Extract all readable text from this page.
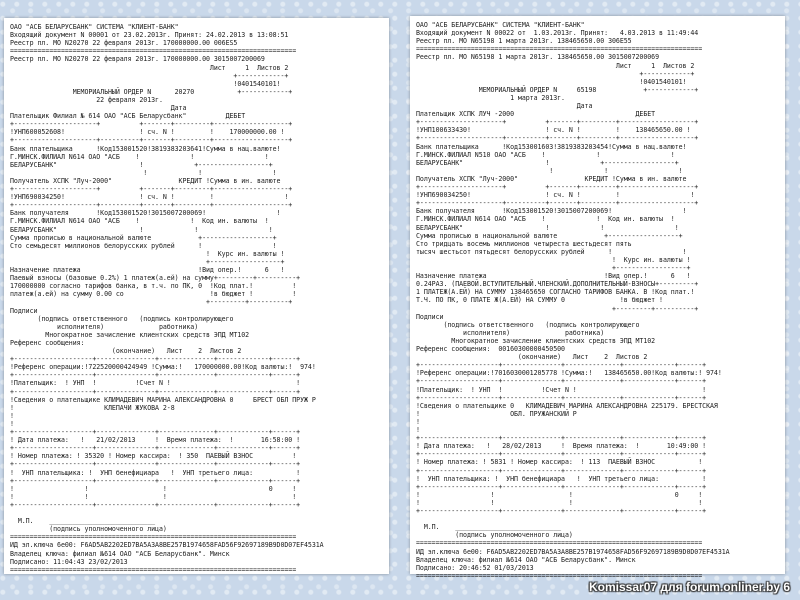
ОАО "АСБ БЕЛАРУСБАНК" СИСТЕМА "КЛИЕНТ-БАНК"
Входящий документ N 00001 от 23.02.2013г. Принят: 24.02.2013 в 13:08:51
Реестр пл. МО N20270 22 февраля 2013г. 170000000.00 006ES5
=========================================================================
Реестр пл. МО N20270 22 февраля 2013г. 170000000.00 3015007200069
Лист     1  Листов 2
+------------+
!0401540101!
MЕМОРИАЛЬНЫЙ ОРДЕР N      20270           +------------+
22 февраля 2013г.
Дата
Плательщик Филиал № 614 ОАО "АСБ Беларусбанк"          ДЕБЕТ
+---------------------+          +-------+---------+-------------------+
!УНП600052608!                   ! сч. N !         !    170000000.00 !
+---------------------+----------+-------+---------+-------------------+
Банк плательщика      !Код153001520!3819383203641!Сумма в нац.валюте!
Г.МИНСК.ФИЛИАЛ N614 ОАО "АСБ    !             !                  !
БЕЛАРУСБАНК"                     !             +------------------+
!             !                  !
Получатель ХСПК "Луч-2000"                 КРЕДИТ !Сумма в ин. валюте
+---------------------+          +-------+---------+-------------------+
!УНП690034250!                   ! сч. N !         !                  !
+---------------------+----------+-------+---------+-------------------+
Банк получателя       !Код153001520!3015007200069!                  !
Г.МИНСК.ФИЛИАЛ N614 ОАО "АСБ    !             !  Код ин. валюты  !
БЕЛАРУСБАНК"                     !             !                  !
Сумма прописью в национальной валюте            +------------------+
Сто семьдесят миллионов белорусских рублей      !                  !
!  Курс ин. валюты !
+------------------+
Назначение платежа                              !Вид опер.!      6   !
Паевый взносы (базовые 0.2%) 1 платеж(а.ей) на сумму+---------+----------+
170000000 согласно тарифов банка, в т.ч. по ПК, 0  !Код плат.!          !
платеж(а.ей) на сумму 0.00 со                      !в бюджет !          !
+---------+----------+
Подписи
(подпись ответственного   (подпись контролирующего
исполнителя)              работника)
Многократное зачисление клиентских средств ЭПД МТ102
Референс сообщения:
(окончание)   Лист    2  Листов 2
+--------------------+---------------+--------------+-------------+------+
!Референс операции:!722520000424949 !Сумма:!   170000000.00!Код валюты:!  974!
+--------------------+---------------+--------------+-------------+------+
!Плательщик:  ! УНП  !          !Счет N !                                !
+--------------------+---------------+--------------+-------------+------+
!Сведения о плательщике КЛИМАДЕВИЧ МАРИНА АЛЕКСАНДРОВНА 0     БРЕСТ ОБЛ ПРУЖ Р
!                       КЛЕПАЧИ ЖУКОВА 2-8
!
!
+--------------------+---------------+--------------+-------------+------+
! Дата платежа:   !   21/02/2013     !  Время платежа:  !       16:58:00 !
+--------------------+---------------+--------------+-------------+------+
! Номер платежа: ! 35320 ! Номер кассира:  ! 350  ПАЕВЫЙ ВЗНОС          !
+--------------------+---------------+--------------+-------------+------+
!  УНП плательщика: !  УНП бенефициара   !  УНП третьего лица:           !
+--------------------+---------------+--------------+-------------+------+
!                  !                   !                          0     !
!                  !                   !                                !
+--------------------+---------------+--------------+-------------+------+
М.П.    ___________________________
(подпись уполномоченного лица)
=========================================================================
ИД эл.ключа 6е00: F6AD5AB2202ED7BA5A3A8BE257B1974658FAD56F92697189B9D0D07EF4531A
Владелец ключа: филиал №614 ОАО "АСБ Беларусбанк". Минск
Подписано: 11:04:43 23/02/2013
=========================================================================
ОАО "АСБ БЕЛАРУСБАНК" СИСТЕМА "КЛИЕНТ-БАНК"
Входящий документ N 00022 от  1.03.2013г. Принят:   4.03.2013 в 11:49:44
Реестр пл. МО N65198 1 марта 2013г. 138465650.00 306E55
=========================================================================
Реестр пл. МО N65198 1 марта 2013г. 138465650.00 3015007200069
Лист     1  Листов 2
+------------+
!0401540101!
MЕМОРИАЛЬНЫЙ ОРДЕР N     65198            +------------+
1 марта 2013г.
Дата
Плательщик ХСПК ЛУЧ -2000                               ДЕБЕТ
+---------------------+          +-------+---------+-------------------+
!УНП100633430!                   ! сч. N !         !    138465650.00 !
+---------------------+----------+-------+---------+-------------------+
Банк плательщика      !Код153001603!3819383203454!Сумма в нац.валюте!
Г.МИНСК.ФИЛИАЛ N510 ОАО "АСБ    !             !                  !
БЕЛАРУСБАНК"                     !             +------------------+
!             !                  !
Получатель ХСПК "Луч-2000"                 КРЕДИТ !Сумма в ин. валюте
+---------------------+          +-------+---------+-------------------+
!УНП690034250!                   ! сч. N !         !                  !
+---------------------+----------+-------+---------+-------------------+
Банк получателя       !Код153001520!3015007200069!                  !
Г.МИНСК.ФИЛИАЛ N614 ОАО "АСБ    !             !  Код ин. валюты  !
БЕЛАРУСБАНК"                     !             !                  !
Сумма прописью в национальной валюте            +------------------+
Сто тридцать восемь миллионов четыреста шестьдесят пять
тысяч шестьсот пятьдесят белорусских рублей      !                  !
!  Курс ин. валюты !
+------------------+
Назначение платежа                              !Вид опер.!      6   !
0.24РАЗ. (ПАЕВОЙ.ВСТУПИТЕЛЬНЫЙ.ЧЛЕНСКИЙ.ДОПОЛНИТЕЛЬНЫЙ-ВЗНОСЫ+---------+
1 ПЛАТЕЖ(А.ЕЙ) НА СУММУ 138465650 СОГЛАСНО ТАРИФОВ БАНКА. В !Код плат.!
Т.Ч. ПО ПК, 0 ПЛАТЕ Ж(А.ЕЙ) НА СУММУ 0              !в бюджет !
+---------+----------+
Подписи
(подпись ответственного   (подпись контролирующего
исполнителя)              работника)
Многократное зачисление клиентских средств ЭПД МТ102
Референс сообщения:  00160300000450500
(окончание)   Лист    2  Листов 2
+--------------------+---------------+--------------+-------------+------+
!Референс операции:!7016030001205778 !Сумма:!   138465650.00!Код валюты:! 974!
+--------------------+---------------+--------------+-------------+------+
!Плательщик:  ! УНП  !          !Счет N !                                !
+--------------------+---------------+--------------+-------------+------+
!Сведения о плательщике 0   КЛИМАДЕВИЧ МАРИНА АЛЕКСАНДРОВНА 225179. БРЕСТСКАЯ
!                       ОБЛ. ПРУЖАНСКИЙ Р
!
!
+--------------------+---------------+--------------+-------------+------+
! Дата платежа:   !   28/02/2013     !  Время платежа:  !       10:49:00 !
+--------------------+---------------+--------------+-------------+------+
! Номер платежа: ! 5831 ! Номер кассира:  ! 113  ПАЕВЫЙ ВЗНОС           !
+--------------------+---------------+--------------+-------------+------+
!  УНП плательщика: !  УНП бенефициара   !  УНП третьего лица:           !
+--------------------+---------------+--------------+-------------+------+
!                  !                   !                          0     !
!                  !                   !                                !
+--------------------+---------------+--------------+-------------+------+
М.П.    ___________________________
(подпись уполномоченного лица)
=========================================================================
ИД эл.ключа 6е00: F6AD5AB2202ED7BA5A3A8BE257B1974658FAD56F92697189B9D0D07EF4531A
Владелец ключа: филиал №614 ОАО "АСБ Беларусбанк". Минск
Подписано: 20:46:52 01/03/2013
=========================================================================
Komissar07 для forum.onliner.by 6
